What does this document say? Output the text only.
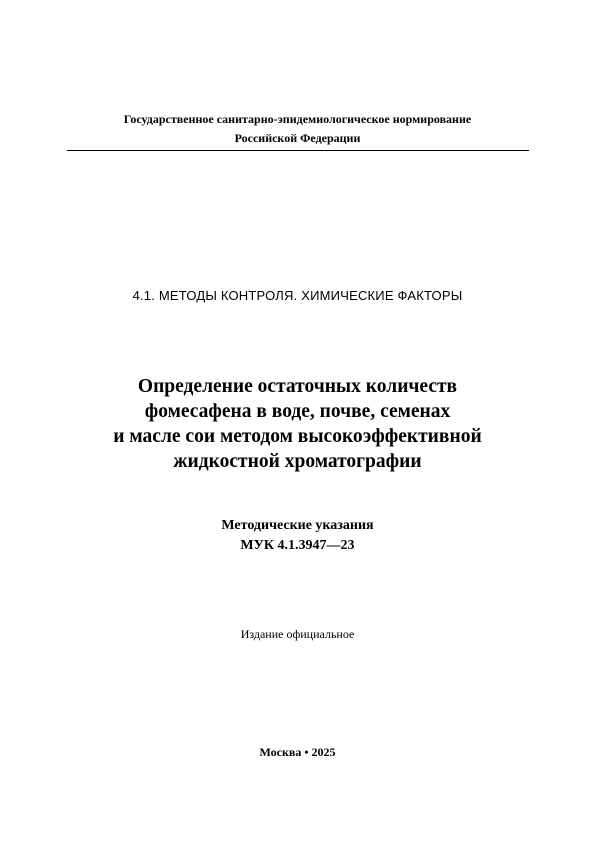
Государственное санитарно-эпидемиологическое нормирование
Российской Федерации
4.1. МЕТОДЫ КОНТРОЛЯ. ХИМИЧЕСКИЕ ФАКТОРЫ
Определение остаточных количеств
фомесафена в воде, почве, семенах
и масле сои методом высокоэффективной
жидкостной хроматографии
Методические указания
МУК 4.1.3947—23
Издание официальное
Москва • 2025
